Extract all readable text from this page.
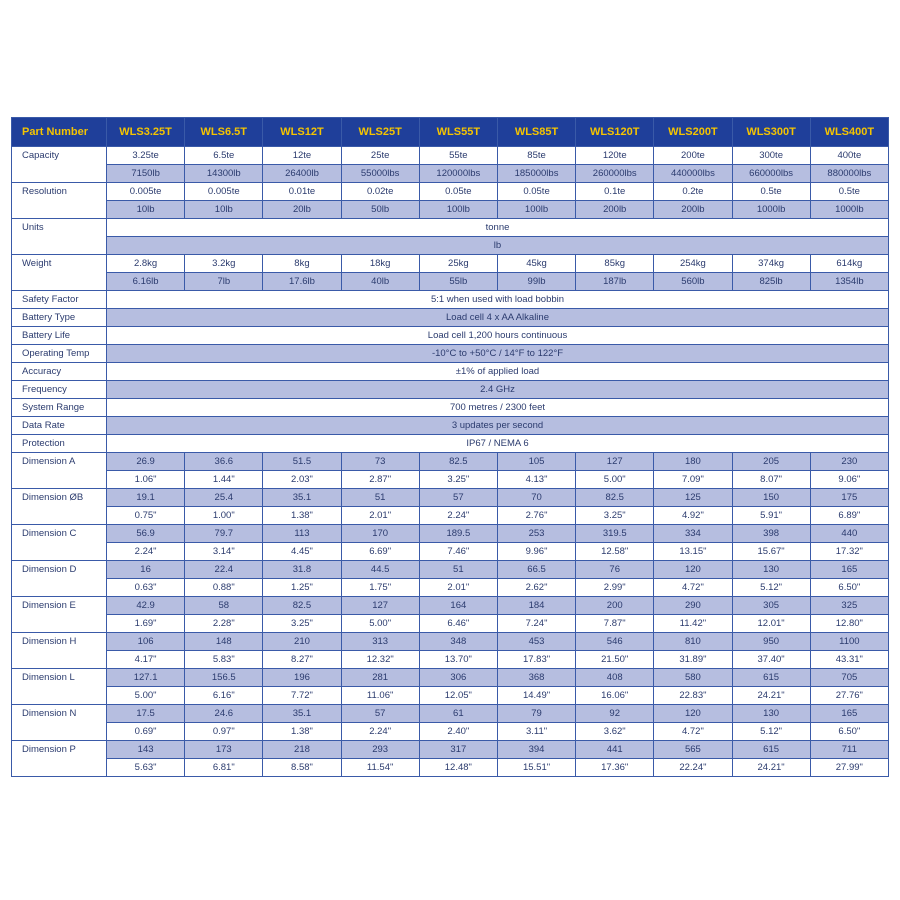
Part Number	WLS3.25T	WLS6.5T	WLS12T	WLS25T	WLS55T	WLS85T	WLS120T	WLS200T	WLS300T	WLS400T
Capacity	3.25te	6.5te	12te	25te	55te	85te	120te	200te	300te	400te
	7150lb	14300lb	26400lb	55000lbs	120000lbs	185000lbs	260000lbs	440000lbs	660000lbs	880000lbs
Resolution	0.005te	0.005te	0.01te	0.02te	0.05te	0.05te	0.1te	0.2te	0.5te	0.5te
	10lb	10lb	20lb	50lb	100lb	100lb	200lb	200lb	1000lb	1000lb
Units	tonne									
	lb									
Weight	2.8kg	3.2kg	8kg	18kg	25kg	45kg	85kg	254kg	374kg	614kg
	6.16lb	7lb	17.6lb	40lb	55lb	99lb	187lb	560lb	825lb	1354lb
Safety Factor	5:1 when used with load bobbin									
Battery Type	Load cell 4 x AA Alkaline									
Battery Life	Load cell 1,200 hours continuous									
Operating Temp	-10°C to +50°C / 14°F to 122°F									
Accuracy	±1% of applied load									
Frequency	2.4 GHz									
System Range	700 metres / 2300 feet									
Data Rate	3 updates per second									
Protection	IP67 / NEMA 6									
Dimension A	26.9	36.6	51.5	73	82.5	105	127	180	205	230
	1.06"	1.44"	2.03"	2.87"	3.25"	4.13"	5.00"	7.09"	8.07"	9.06"
Dimension ØB	19.1	25.4	35.1	51	57	70	82.5	125	150	175
	0.75"	1.00"	1.38"	2.01"	2.24"	2.76"	3.25"	4.92"	5.91"	6.89"
Dimension C	56.9	79.7	113	170	189.5	253	319.5	334	398	440
	2.24"	3.14"	4.45"	6.69"	7.46"	9.96"	12.58"	13.15"	15.67"	17.32"
Dimension D	16	22.4	31.8	44.5	51	66.5	76	120	130	165
	0.63"	0.88"	1.25"	1.75"	2.01"	2.62"	2.99"	4.72"	5.12"	6.50"
Dimension E	42.9	58	82.5	127	164	184	200	290	305	325
	1.69"	2.28"	3.25"	5.00"	6.46"	7.24"	7.87"	11.42"	12.01"	12.80"
Dimension H	106	148	210	313	348	453	546	810	950	1100
	4.17"	5.83"	8.27"	12.32"	13.70"	17.83"	21.50"	31.89"	37.40"	43.31"
Dimension L	127.1	156.5	196	281	306	368	408	580	615	705
	5.00"	6.16"	7.72"	11.06"	12.05"	14.49"	16.06"	22.83"	24.21"	27.76"
Dimension N	17.5	24.6	35.1	57	61	79	92	120	130	165
	0.69"	0.97"	1.38"	2.24"	2.40"	3.11"	3.62"	4.72"	5.12"	6.50"
Dimension P	143	173	218	293	317	394	441	565	615	711
	5.63"	6.81"	8.58"	11.54"	12.48"	15.51"	17.36"	22.24"	24.21"	27.99"
